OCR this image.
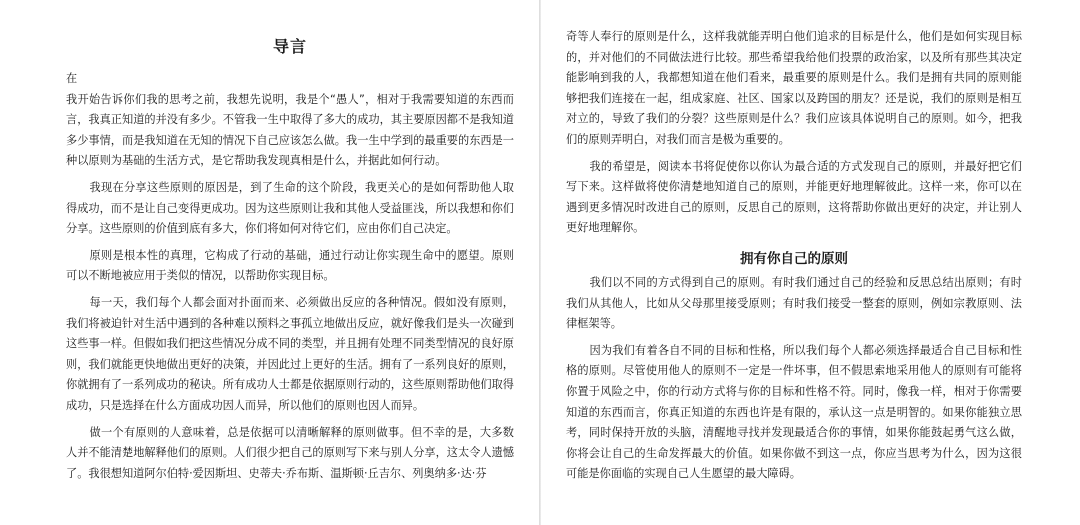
导言

在

我开始告诉你们我的思考之前，我想先说明，我是个“愚人”，相对于我需要知道的东西而言，我真正知道的并没有多少。不管我一生中取得了多大的成功，其主要原因都不是我知道多少事情，而是我知道在无知的情况下自己应该怎么做。我一生中学到的最重要的东西是一种以原则为基础的生活方式，是它帮助我发现真相是什么，并据此如何行动。

我现在分享这些原则的原因是，到了生命的这个阶段，我更关心的是如何帮助他人取得成功，而不是让自己变得更成功。因为这些原则让我和其他人受益匪浅，所以我想和你们分享。这些原则的价值到底有多大，你们将如何对待它们，应由你们自己决定。

原则是根本性的真理，它构成了行动的基础，通过行动让你实现生命中的愿望。原则可以不断地被应用于类似的情况，以帮助你实现目标。

每一天，我们每个人都会面对扑面而来、必须做出反应的各种情况。假如没有原则，我们将被迫针对生活中遇到的各种难以预料之事孤立地做出反应，就好像我们是头一次碰到这些事一样。但假如我们把这些情况分成不同的类型，并且拥有处理不同类型情况的良好原则，我们就能更快地做出更好的决策，并因此过上更好的生活。拥有了一系列良好的原则，你就拥有了一系列成功的秘诀。所有成功人士都是依据原则行动的，这些原则帮助他们取得成功，只是选择在什么方面成功因人而异，所以他们的原则也因人而异。

做一个有原则的人意味着，总是依据可以清晰解释的原则做事。但不幸的是，大多数人并不能清楚地解释他们的原则。人们很少把自己的原则写下来与别人分享，这太令人遗憾了。我很想知道阿尔伯特·爱因斯坦、史蒂夫·乔布斯、温斯顿·丘吉尔、列奥纳多·达·芬

奇等人奉行的原则是什么，这样我就能弄明白他们追求的目标是什么，他们是如何实现目标的，并对他们的不同做法进行比较。那些希望我给他们投票的政治家，以及所有那些其决定能影响到我的人，我都想知道在他们看来，最重要的原则是什么。我们是拥有共同的原则能够把我们连接在一起，组成家庭、社区、国家以及跨国的朋友？还是说，我们的原则是相互对立的，导致了我们的分裂？这些原则是什么？我们应该具体说明自己的原则。如今，把我们的原则弄明白，对我们而言是极为重要的。

我的希望是，阅读本书将促使你以你认为最合适的方式发现自己的原则，并最好把它们写下来。这样做将使你清楚地知道自己的原则，并能更好地理解彼此。这样一来，你可以在遇到更多情况时改进自己的原则，反思自己的原则，这将帮助你做出更好的决定，并让别人更好地理解你。

拥有你自己的原则

我们以不同的方式得到自己的原则。有时我们通过自己的经验和反思总结出原则；有时我们从其他人，比如从父母那里接受原则；有时我们接受一整套的原则，例如宗教原则、法律框架等。

因为我们有着各自不同的目标和性格，所以我们每个人都必须选择最适合自己目标和性格的原则。尽管使用他人的原则不一定是一件坏事，但不假思索地采用他人的原则有可能将你置于风险之中，你的行动方式将与你的目标和性格不符。同时，像我一样，相对于你需要知道的东西而言，你真正知道的东西也许是有限的，承认这一点是明智的。如果你能独立思考，同时保持开放的头脑，清醒地寻找并发现最适合你的事情，如果你能鼓起勇气这么做，你将会让自己的生命发挥最大的价值。如果你做不到这一点，你应当思考为什么，因为这很可能是你面临的实现自己人生愿望的最大障碍。
